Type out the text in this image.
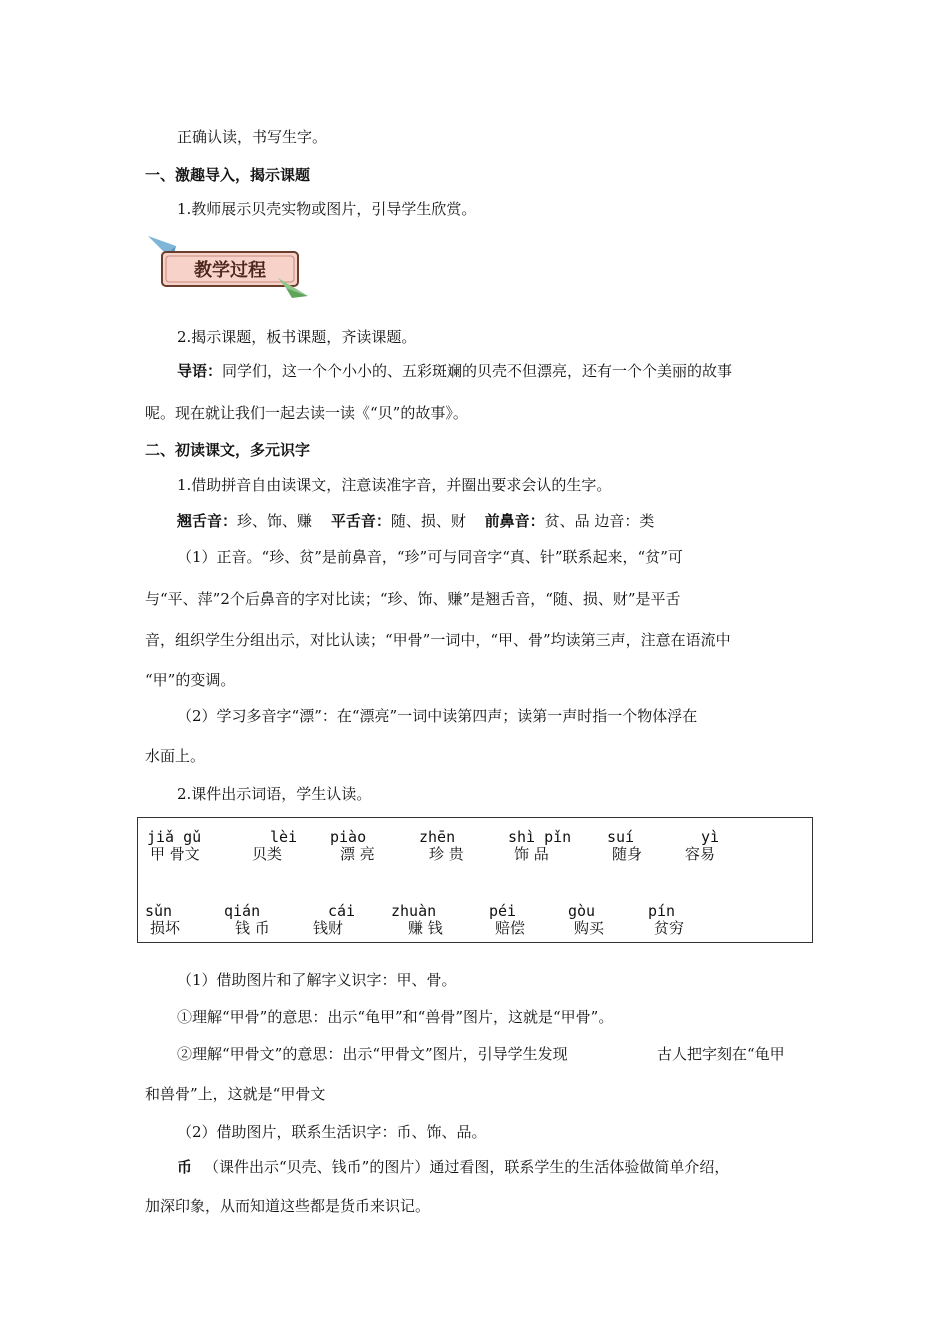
正确认读，书写生字。
一、激趣导入，揭示课题
1.教师展示贝壳实物或图片，引导学生欣赏。
教学过程
2.揭示课题，板书课题，齐读课题。
导语：同学们，这一个个小小的、五彩斑斓的贝壳不但漂亮，还有一个个美丽的故事
呢。现在就让我们一起去读一读《“贝”的故事》。
二、初读课文，多元识字
1.借助拼音自由读课文，注意读准字音，并圈出要求会认的生字。
翘舌音：珍、饰、赚 平舌音：随、损、财 前鼻音：贫、品 边音：类
（1）正音。“珍、贫”是前鼻音，“珍”可与同音字“真、针”联系起来，“贫”可
与“平、萍”2个后鼻音的字对比读；“珍、饰、赚”是翘舌音，“随、损、财”是平舌
音，组织学生分组出示，对比认读；“甲骨”一词中，“甲、骨”均读第三声，注意在语流中
“甲”的变调。
（2）学习多音字“漂”：在“漂亮”一词中读第四声；读第一声时指一个物体浮在
水面上。
2.课件出示词语，学生认读。
jiǎ gǔ
甲 骨文
lèi
贝类
piào
漂 亮
zhēn
珍 贵
shì pǐn
饰 品
suí
随身
yì
容易
sǔn
损坏
qián
钱 币
cái
钱财
zhuàn
赚 钱
péi
赔偿
gòu
购买
pín
贫穷
（1）借助图片和了解字义识字：甲、骨。
①理解“甲骨”的意思：出示“龟甲”和“兽骨”图片，这就是“甲骨”。
②理解“甲骨文”的意思：出示“甲骨文”图片，引导学生发现	古人把字刻在“龟甲
和兽骨”上，这就是“甲骨文
（2）借助图片，联系生活识字：币、饰、品。
币 （课件出示“贝壳、钱币”的图片）通过看图，联系学生的生活体验做简单介绍，
加深印象，从而知道这些都是货币来识记。
